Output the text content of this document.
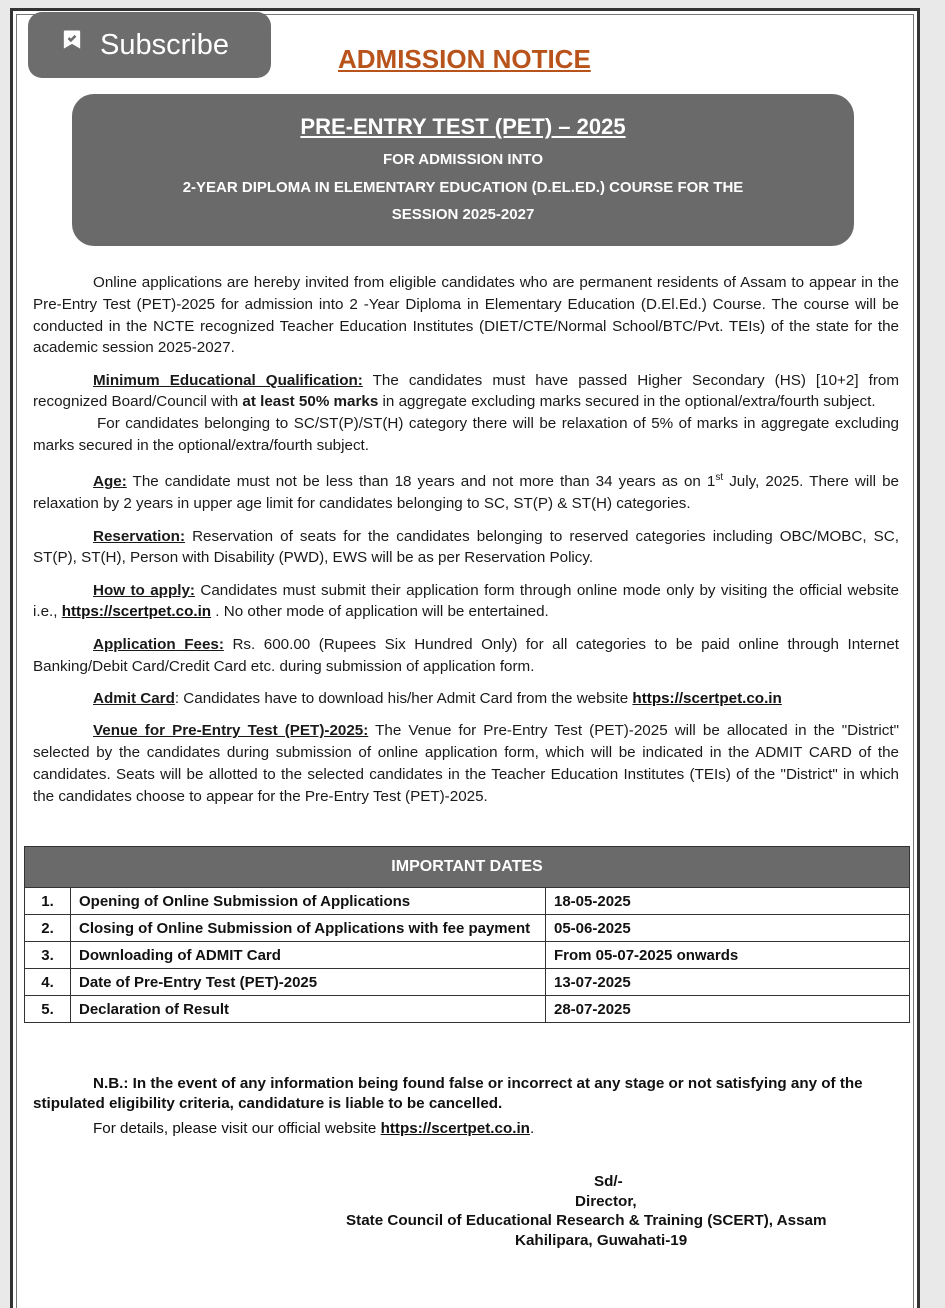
Subscribe	ADMISSION NOTICE
PRE-ENTRY TEST (PET) – 2025
FOR ADMISSION INTO
2-YEAR DIPLOMA IN ELEMENTARY EDUCATION (D.EL.ED.) COURSE FOR THE
SESSION 2025-2027

Online applications are hereby invited from eligible candidates who are permanent residents of Assam to appear in the Pre-Entry Test (PET)-2025 for admission into 2 -Year Diploma in Elementary Education (D.El.Ed.) Course. The course will be conducted in the NCTE recognized Teacher Education Institutes (DIET/CTE/Normal School/BTC/Pvt. TEIs) of the state for the academic session 2025-2027.

Minimum Educational Qualification: The candidates must have passed Higher Secondary (HS) [10+2] from recognized Board/Council with at least 50% marks in aggregate excluding marks secured in the optional/extra/fourth subject.

For candidates belonging to SC/ST(P)/ST(H) category there will be relaxation of 5% of marks in aggregate excluding marks secured in the optional/extra/fourth subject.

Age: The candidate must not be less than 18 years and not more than 34 years as on 1st July, 2025. There will be relaxation by 2 years in upper age limit for candidates belonging to SC, ST(P) & ST(H) categories.

Reservation: Reservation of seats for the candidates belonging to reserved categories including OBC/MOBC, SC, ST(P), ST(H), Person with Disability (PWD), EWS will be as per Reservation Policy.

How to apply: Candidates must submit their application form through online mode only by visiting the official website i.e., https://scertpet.co.in . No other mode of application will be entertained.

Application Fees: Rs. 600.00 (Rupees Six Hundred Only) for all categories to be paid online through Internet Banking/Debit Card/Credit Card etc. during submission of application form.

Admit Card: Candidates have to download his/her Admit Card from the website https://scertpet.co.in

Venue for Pre-Entry Test (PET)-2025: The Venue for Pre-Entry Test (PET)-2025 will be allocated in the "District" selected by the candidates during submission of online application form, which will be indicated in the ADMIT CARD of the candidates. Seats will be allotted to the selected candidates in the Teacher Education Institutes (TEIs) of the "District" in which the candidates choose to appear for the Pre-Entry Test (PET)-2025.

IMPORTANT DATES		
1.	Opening of Online Submission of Applications	18-05-2025
2.	Closing of Online Submission of Applications with fee payment	05-06-2025
3.	Downloading of ADMIT Card	From 05-07-2025 onwards
4.	Date of Pre-Entry Test (PET)-2025	13-07-2025
5.	Declaration of Result	28-07-2025

N.B.: In the event of any information being found false or incorrect at any stage or not satisfying any of the stipulated eligibility criteria, candidature is liable to be cancelled.

For details, please visit our official website https://scertpet.co.in.
Sd/-
Director,
State Council of Educational Research & Training (SCERT), Assam
Kahilipara, Guwahati-19
